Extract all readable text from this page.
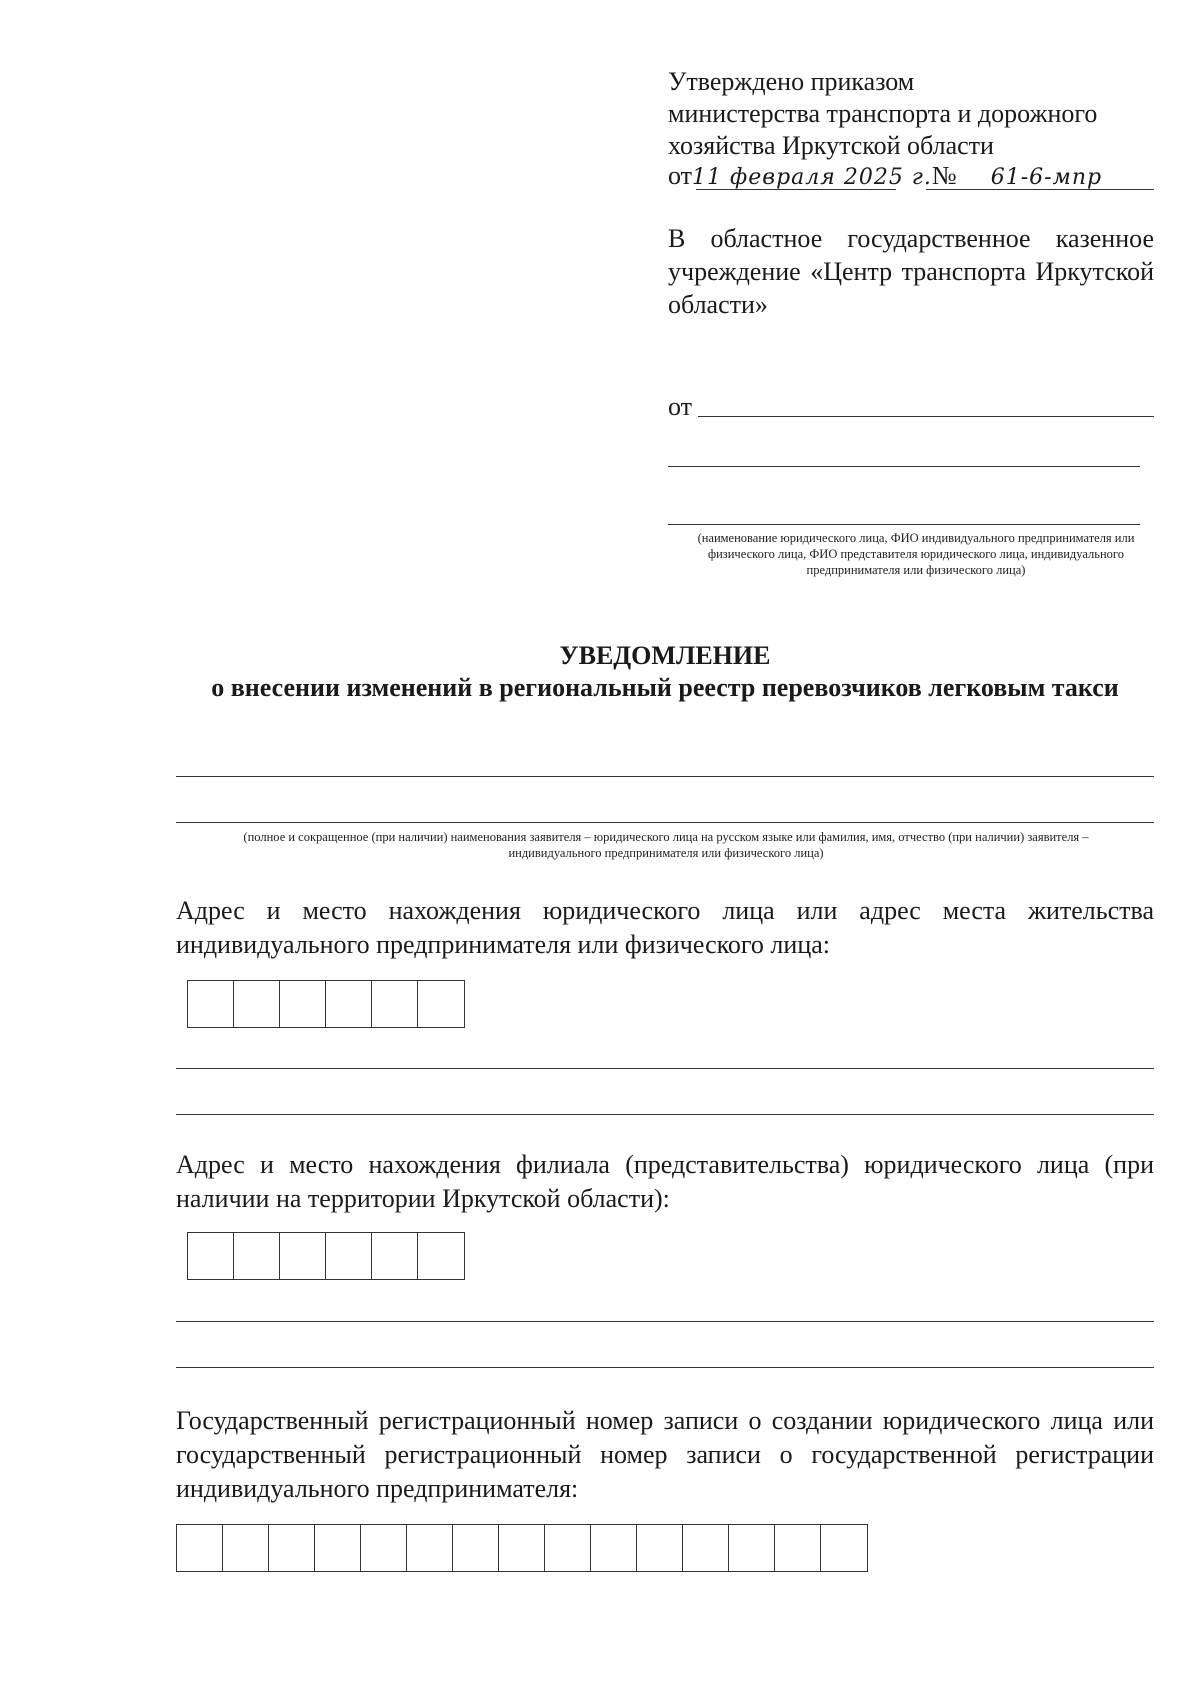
Утверждено приказом
министерства транспорта и дорожного
хозяйства Иркутской области
от11 февраля 2025 г.№ 61-6-мпр
В областное государственное казенное учреждение «Центр транспорта Иркутской области»
от
(наименование юридического лица, ФИО индивидуального предпринимателя или физического лица, ФИО представителя юридического лица, индивидуального предпринимателя или физического лица)
УВЕДОМЛЕНИЕ
о внесении изменений в региональный реестр перевозчиков легковым такси
(полное и сокращенное (при наличии) наименования заявителя – юридического лица на русском языке или фамилия, имя, отчество (при наличии) заявителя – индивидуального предпринимателя или физического лица)
Адрес и место нахождения юридического лица или адрес места жительства индивидуального предпринимателя или физического лица:
Адрес и место нахождения филиала (представительства) юридического лица (при наличии на территории Иркутской области):
Государственный регистрационный номер записи о создании юридического лица или государственный регистрационный номер записи о государственной регистрации индивидуального предпринимателя:
